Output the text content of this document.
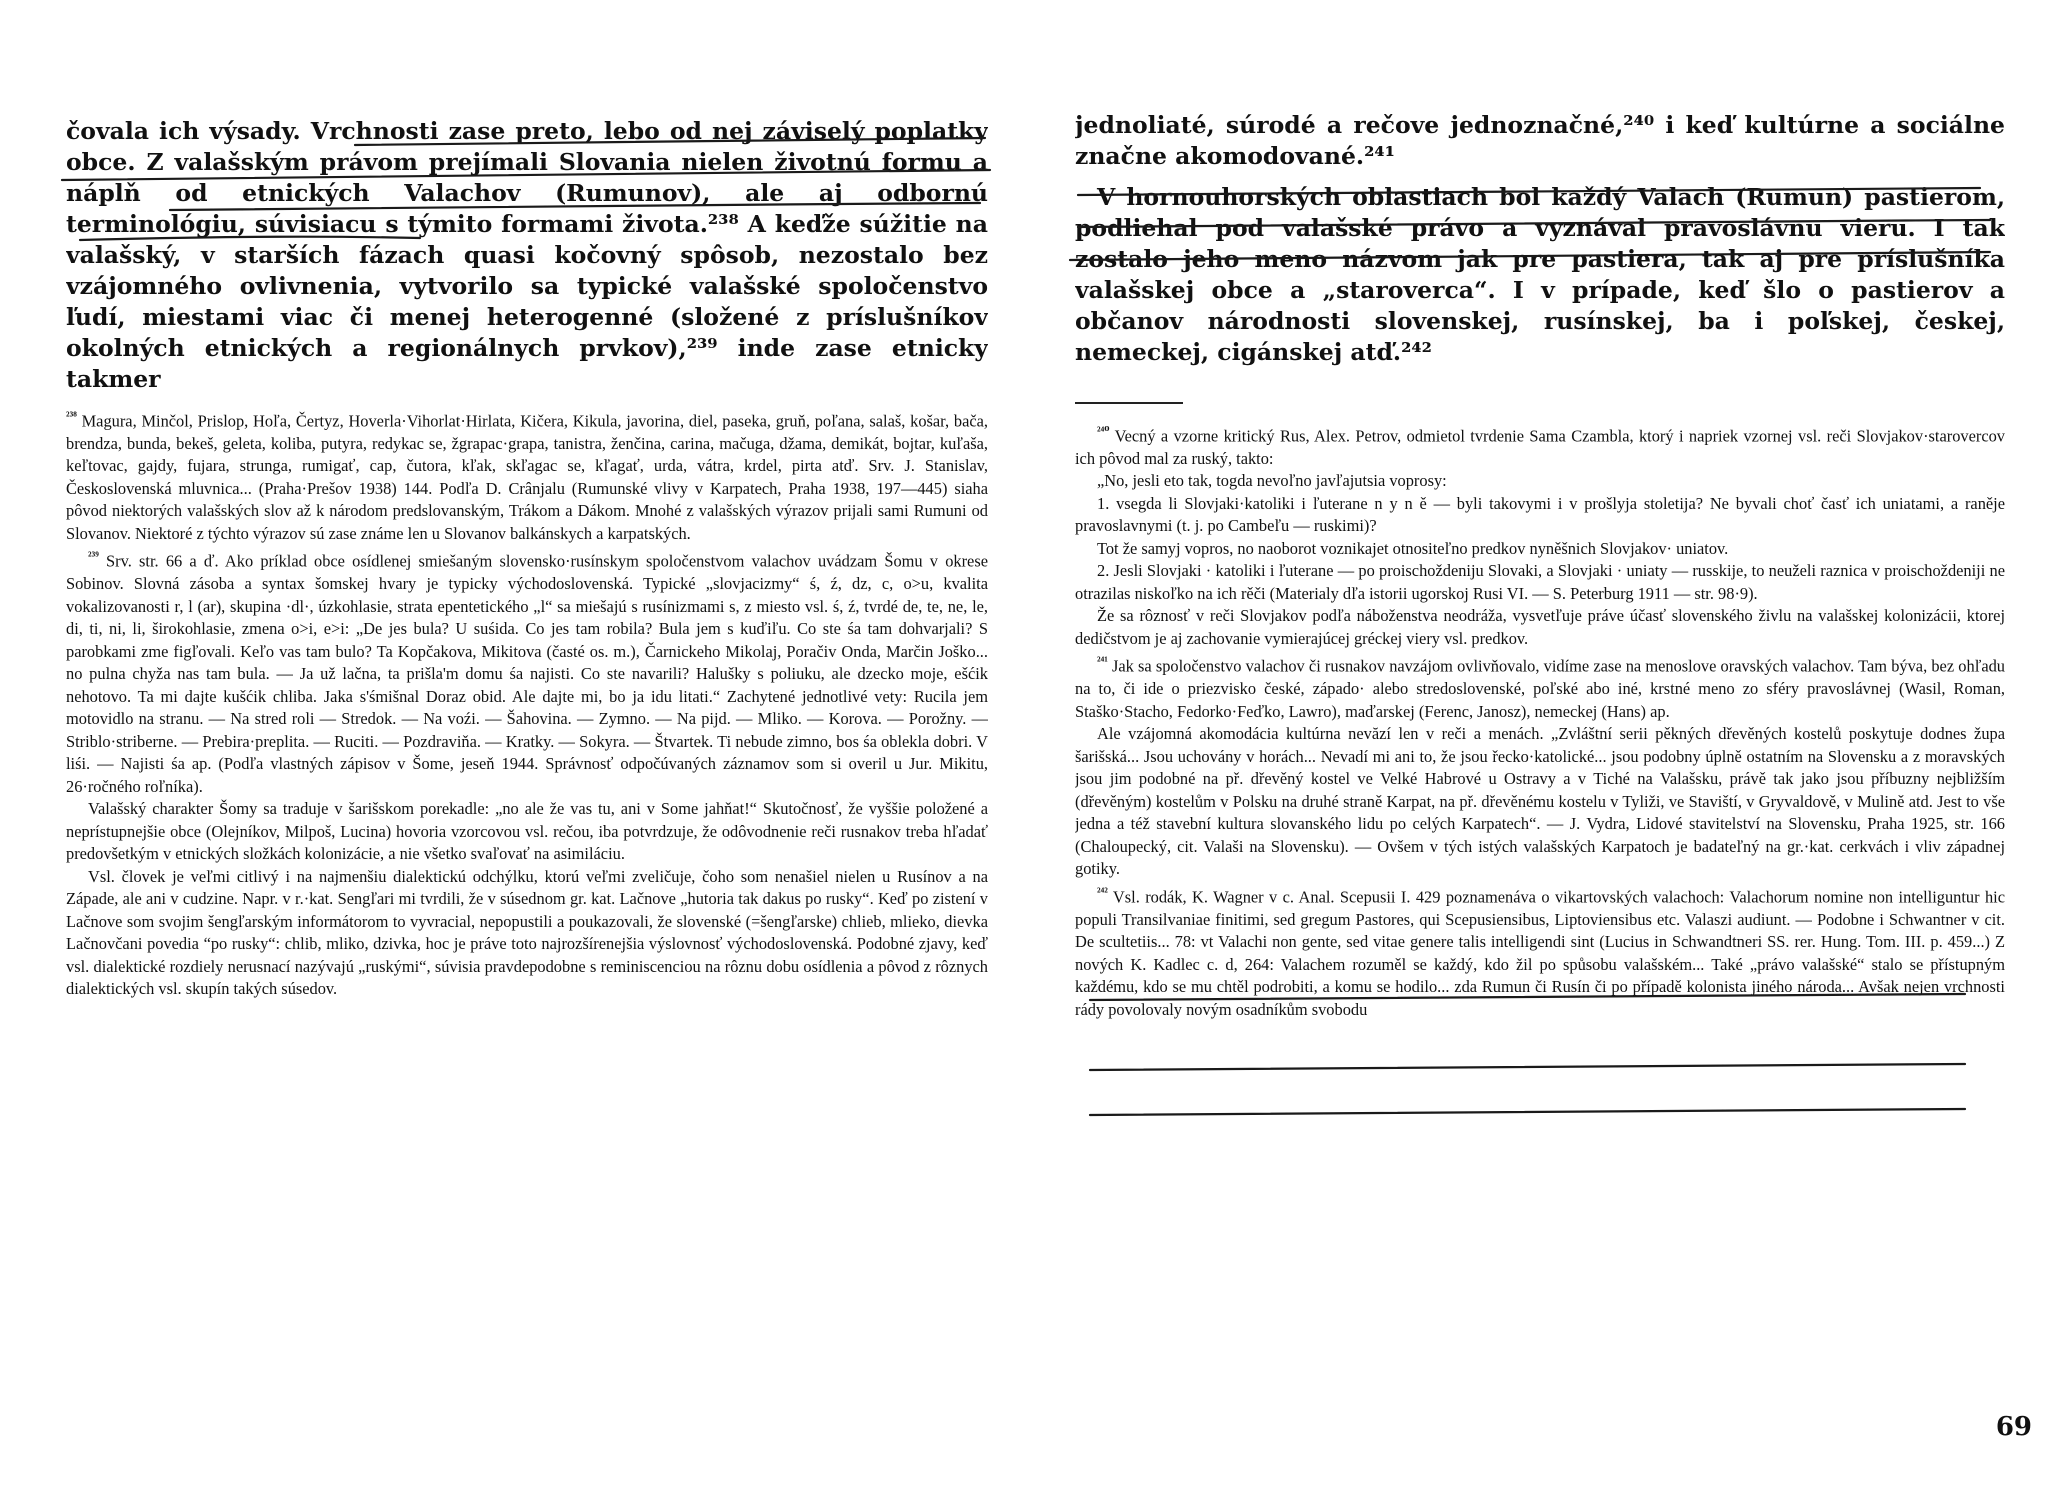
čovala ich výsady. Vrchnosti zase preto, lebo od nej záviselý poplatky obce. Z valašským právom prejímali Slovania nielen životnú formu a náplň od etnických Valachov (Rumunov), ale aj odbornú terminológiu, súvisiacu s týmito formami života.²³⁸ A keďže súžitie na valašský, v starších fázach quasi kočovný spôsob, nezostalo bez vzájomného ovlivnenia, vytvorilo sa typické valašské spoločenstvo ľudí, miestami viac či menej heterogenné (složené z príslušníkov okolných etnických a regionálnych prvkov),²³⁹ inde zase etnicky takmer

$^{^{238}}$ Magura, Minčol, Prislop, Hoľa, Čertyz, Hoverla·Vihorlat·Hirlata, Kičera, Kikula, javorina, diel, paseka, gruň, poľana, salaš, košar, bača, brendza, bunda, bekeš, geleta, koliba, putyra, redykac se, žgrapac·grapa, tanistra, ženčina, carina, mačuga, džama, demikát, bojtar, kuľaša, keľtovac, gajdy, fujara, strunga, rumigať, cap, čutora, kľak, skľagac se, kľagať, urda, vátra, krdel, pirta atď. Srv. J. Stanislav, Československá mluvnica... (Praha·Prešov 1938) 144. Podľa D. Crânjalu (Rumunské vlivy v Karpatech, Praha 1938, 197—445) siaha pôvod niektorých valašských slov až k národom predslovanským, Trákom a Dákom. Mnohé z valašských výrazov prijali sami Rumuni od Slovanov. Niektoré z týchto výrazov sú zase známe len u Slovanov balkánskych a karpatských.

$^{^{239}}$ Srv. str. 66 a ď. Ako príklad obce osídlenej smiešaným slovensko·rusínskym spoločenstvom valachov uvádzam Šomu v okrese Sobinov. Slovná zásoba a syntax šomskej hvary je typicky východoslovenská. Typické „slovjacizmy“ ś, ź, dz, c, o>u, kvalita vokalizovanosti r, l (ar), skupina ·dl·, úzkohlasie, strata epentetického „l“ sa miešajú s rusínizmami s, z miesto vsl. ś, ź, tvrdé de, te, ne, le, di, ti, ni, li, širokohlasie, zmena o>i, e>i: „De jes bula? U suśida. Co jes tam robila? Bula jem s kuďiľu. Co ste śa tam dohvarjali? S parobkami zme figľovali. Keľo vas tam bulo? Ta Kopčakova, Mikitova (časté os. m.), Čarnickeho Mikolaj, Poračiv Onda, Marčin Joško... no pulna chyža nas tam bula. — Ja už lačna, ta prišla'm domu śa najisti. Co ste navarili? Halušky s poliuku, ale dzecko moje, ešćik nehotovo. Ta mi dajte kušćik chliba. Jaka s'śmišnal Doraz obid. Ale dajte mi, bo ja idu litati.“ Zachytené jednotlivé vety: Rucila jem motovidlo na stranu. — Na stred roli — Stredok. — Na voźi. — Šahovina. — Zymno. — Na pijd. — Mliko. — Korova. — Porožny. — Striblo·striberne. — Prebira·preplita. — Ruciti. — Pozdraviňa. — Kratky. — Sokyra. — Štvartek. Ti nebude zimno, bos śa oblekla dobri. V liśi. — Najisti śa ap. (Podľa vlastných zápisov v Šome, jeseň 1944. Správnosť odpočúvaných záznamov som si overil u Jur. Mikitu, 26·ročného roľníka).

Valašský charakter Šomy sa traduje v šarišskom porekadle: „no ale že vas tu, ani v Some jahňat!“ Skutočnosť, že vyššie položené a neprístupnejšie obce (Olejníkov, Milpoš, Lucina) hovoria vzorcovou vsl. rečou, iba potvrdzuje, že odôvodnenie reči rusnakov treba hľadať predovšetkým v etnických složkách kolonizácie, a nie všetko svaľovať na asimiláciu.

Vsl. človek je veľmi citlivý i na najmenšiu dialektickú odchýlku, ktorú veľmi zveličuje, čoho som nenašiel nielen u Rusínov a na Západe, ale ani v cudzine. Napr. v r.·kat. Sengľari mi tvrdili, že v súsednom gr. kat. Lačnove „hutoria tak dakus po rusky“. Keď po zistení v Lačnove som svojim šengľarským informátorom to vyvracial, nepopustili a poukazovali, že slovenské (=šengľarske) chlieb, mlieko, dievka Lačnovčani povedia “po rusky“: chlib, mliko, dzivka, hoc je práve toto najrozšírenejšia výslovnosť východoslovenská. Podobné zjavy, keď vsl. dialektické rozdiely nerusnací nazývajú „ruskými“, súvisia pravdepodobne s reminiscenciou na rôznu dobu osídlenia a pôvod z rôznych dialektických vsl. skupín takých súsedov.

jednoliaté, súrodé a rečove jednoznačné,²⁴⁰ i keď kultúrne a sociálne značne akomodované.²⁴¹

V hornouhorských oblastiach bol každý Valach (Rumun) pastierom, podliehal pod valašské právo a vyznával pravoslávnu vieru. I tak zostalo jeho meno názvom jak pre pastiera, tak aj pre príslušníka valašskej obce a „staroverca“. I v prípade, keď šlo o pastierov a občanov národnosti slovenskej, rusínskej, ba i poľskej, českej, nemeckej, cigánskej atď.²⁴²

$^{^{240}}$ Vecný a vzorne kritický Rus, Alex. Petrov, odmietol tvrdenie Sama Czambla, ktorý i napriek vzornej vsl. reči Slovjakov·starovercov ich pôvod mal za ruský, takto:

„No, jesli eto tak, togda nevoľno javľajutsia voprosy:

1. vsegda li Slovjaki·katoliki i ľuterane n y n ě — byli takovymi i v prošlyja stoletija? Ne byvali choť časť ich uniatami, a raněje pravoslavnymi (t. j. po Cambeľu — ruskimi)?

Tot že samyj vopros, no naoborot voznikajet otnositeľno predkov nyněšnich Slovjakov· uniatov.

2. Jesli Slovjaki · katoliki i ľuterane — po proischoždeniju Slovaki, a Slovjaki · uniaty — russkije, to neuželi raznica v proischoždeniji ne otrazilas niskoľko na ich rěči (Materialy dľa istorii ugorskoj Rusi VI. — S. Peterburg 1911 — str. 98·9).

Že sa rôznosť v reči Slovjakov podľa náboženstva neodráža, vysvetľuje práve účasť slovenského živlu na valašskej kolonizácii, ktorej dedičstvom je aj zachovanie vymierajúcej gréckej viery vsl. predkov.

$^{^{241}}$ Jak sa spoločenstvo valachov či rusnakov navzájom ovlivňovalo, vidíme zase na menoslove oravských valachov. Tam býva, bez ohľadu na to, či ide o priezvisko české, západo· alebo stredoslovenské, poľské abo iné, krstné meno zo sféry pravoslávnej (Wasil, Roman, Staško·Stacho, Fedorko·Feďko, Lawro), maďarskej (Ferenc, Janosz), nemeckej (Hans) ap.

Ale vzájomná akomodácia kultúrna nevăzí len v reči a menách. „Zvláštní serii pěkných dřevěných kostelů poskytuje dodnes župa šarišská... Jsou uchovány v horách... Nevadí mi ani to, že jsou řecko·katolické... jsou podobny úplně ostatním na Slovensku a z moravských jsou jim podobné na př. dřevěný kostel ve Velké Habrové u Ostravy a v Tiché na Valašsku, právě tak jako jsou příbuzny nejbližším (dřevěným) kostelům v Polsku na druhé straně Karpat, na př. dřevěnému kostelu v Tyliži, ve Staviští, v Gryvaldově, v Mulině atd. Jest to vše jedna a též stavební kultura slovanského lidu po celých Karpatech“. — J. Vydra, Lidové stavitelství na Slovensku, Praha 1925, str. 166 (Chaloupecký, cit. Valaši na Slovensku). — Ovšem v tých istých valašských Karpatoch je badateľný na gr.·kat. cerkvách i vliv západnej gotiky.

$^{^{242}}$ Vsl. rodák, K. Wagner v c. Anal. Scepusii I. 429 poznamenáva o vikartovských valachoch: Valachorum nomine non intelliguntur hic populi Transilvaniae finitimi, sed gregum Pastores, qui Scepusiensibus, Liptoviensibus etc. Valaszi audiunt. — Podobne i Schwantner v cit. De scultetiis... 78: vt Valachi non gente, sed vitae genere talis intelligendi sint (Lucius in Schwandtneri SS. rer. Hung. Tom. III. p. 459...) Z nových K. Kadlec c. d, 264: Valachem rozuměl se každý, kdo žil po spůsobu valašském... Také „právo valašské“ stalo se přístupným každému, kdo se mu chtěl podrobiti, a komu se hodilo... zda Rumun či Rusín či po případě kolonista jiného národa... Avšak nejen vrchnosti rády povolovaly novým osadníkům svobodu

69
